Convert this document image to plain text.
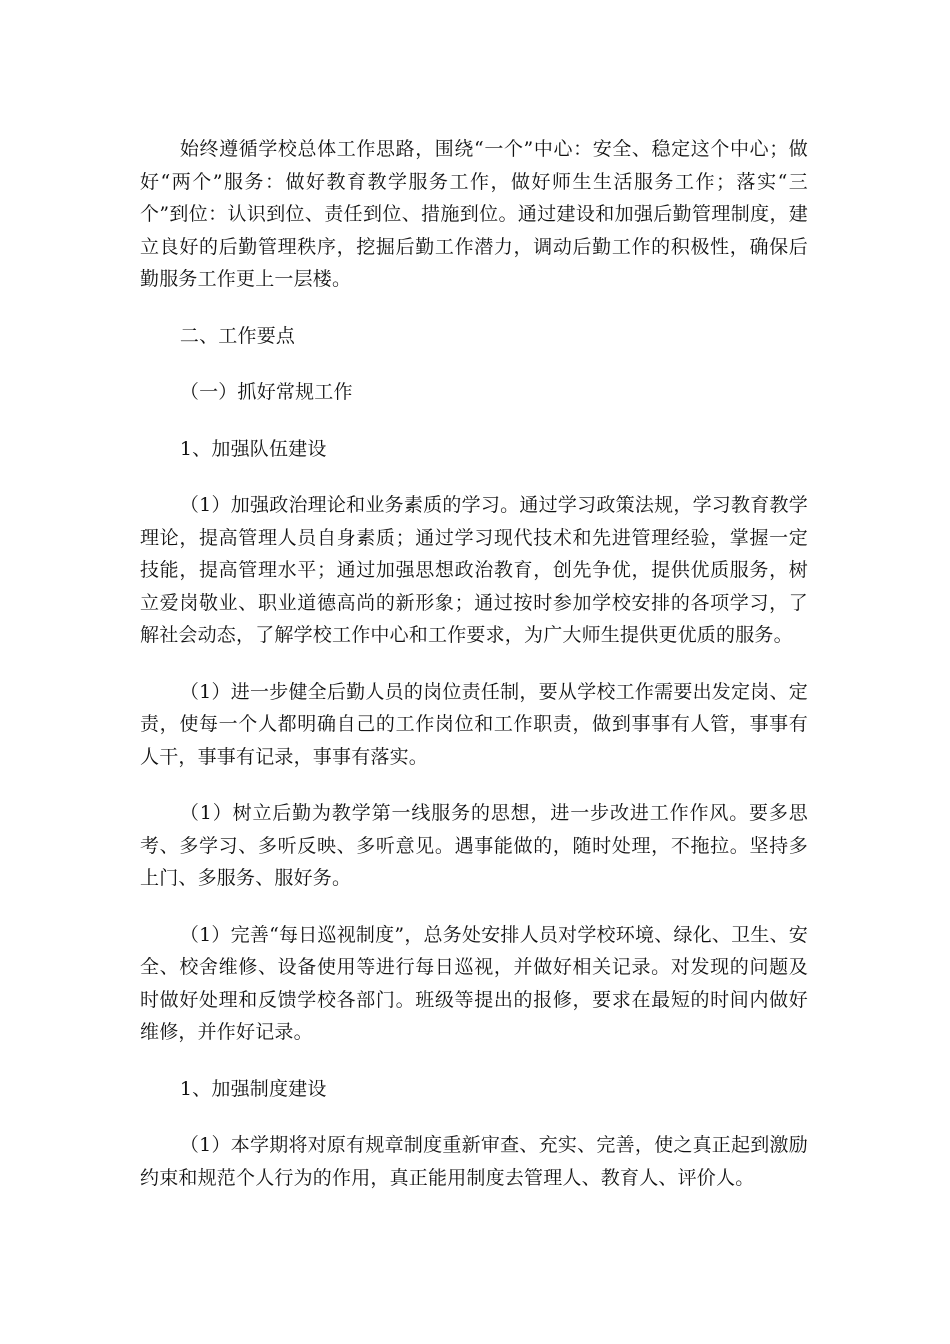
始终遵循学校总体工作思路，围绕“一个”中心：安全、稳定这个中心；做好“两个”服务：做好教育教学服务工作，做好师生生活服务工作；落实“三个”到位：认识到位、责任到位、措施到位。通过建设和加强后勤管理制度，建立良好的后勤管理秩序，挖掘后勤工作潜力，调动后勤工作的积极性，确保后勤服务工作更上一层楼。

二、工作要点

（一）抓好常规工作

1、加强队伍建设

（1）加强政治理论和业务素质的学习。通过学习政策法规，学习教育教学理论，提高管理人员自身素质；通过学习现代技术和先进管理经验，掌握一定技能，提高管理水平；通过加强思想政治教育，创先争优，提供优质服务，树立爱岗敬业、职业道德高尚的新形象；通过按时参加学校安排的各项学习，了解社会动态，了解学校工作中心和工作要求，为广大师生提供更优质的服务。

（1）进一步健全后勤人员的岗位责任制，要从学校工作需要出发定岗、定责，使每一个人都明确自己的工作岗位和工作职责，做到事事有人管，事事有人干，事事有记录，事事有落实。

（1）树立后勤为教学第一线服务的思想，进一步改进工作作风。要多思考、多学习、多听反映、多听意见。遇事能做的，随时处理，不拖拉。坚持多上门、多服务、服好务。

（1）完善“每日巡视制度”，总务处安排人员对学校环境、绿化、卫生、安全、校舍维修、设备使用等进行每日巡视，并做好相关记录。对发现的问题及时做好处理和反馈学校各部门。班级等提出的报修，要求在最短的时间内做好维修，并作好记录。

1、加强制度建设

（1）本学期将对原有规章制度重新审查、充实、完善，使之真正起到激励约束和规范个人行为的作用，真正能用制度去管理人、教育人、评价人。
